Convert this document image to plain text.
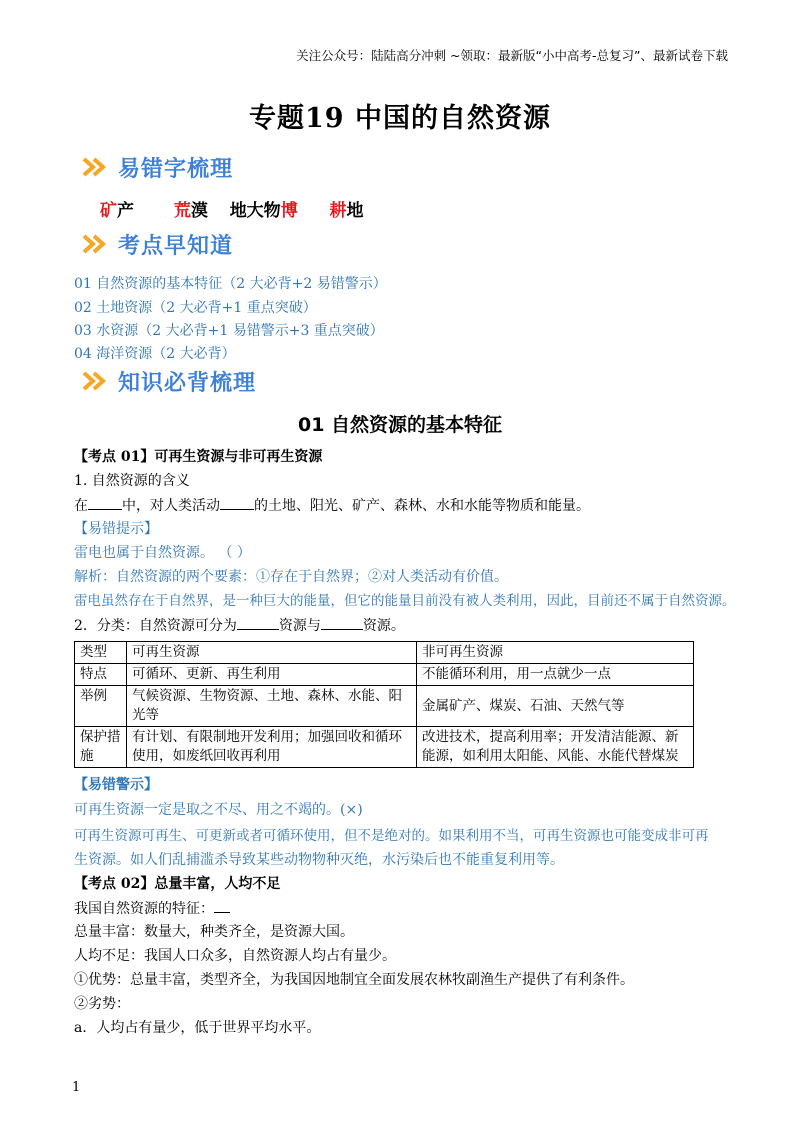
关注公众号：陆陆高分冲刺 ~领取：最新版“小中高考-总复习”、最新试卷下载
专题19 中国的自然资源
易错字梳理
矿产 荒漠 地大物博 耕地
考点早知道
01 自然资源的基本特征（2 大必背+2 易错警示）
02 土地资源（2 大必背+1 重点突破）
03 水资源（2 大必背+1 易错警示+3 重点突破）
04 海洋资源（2 大必背）
知识必背梳理
01 自然资源的基本特征
【考点 01】可再生资源与非可再生资源
1. 自然资源的含义
在 中，对人类活动 的土地、阳光、矿产、森林、水和水能等物质和能量。
【易错提示】
雷电也属于自然资源。 （ ）
解析：自然资源的两个要素：①存在于自然界；②对人类活动有价值。
雷电虽然存在于自然界，是一种巨大的能量，但它的能量目前没有被人类利用，因此，目前还不属于自然资源。
2．分类：自然资源可分为	资源与	资源。
类型	可再生资源	非可再生资源
特点	可循环、更新、再生利用	不能循环利用，用一点就少一点
举例	气候资源、生物资源、土地、森林、水能、阳光等	金属矿产、煤炭、石油、天然气等
保护措施	有计划、有限制地开发利用；加强回收和循环使用，如废纸回收再利用	改进技术，提高利用率；开发清洁能源、新能源，如利用太阳能、风能、水能代替煤炭
【易错警示】
可再生资源一定是取之不尽、用之不竭的。(×)
可再生资源可再生、可更新或者可循环使用，但不是绝对的。如果利用不当，可再生资源也可能变成非可再
生资源。如人们乱捕滥杀导致某些动物物种灭绝，水污染后也不能重复利用等。
【考点 02】总量丰富，人均不足
我国自然资源的特征：
总量丰富：数量大，种类齐全，是资源大国。
人均不足：我国人口众多，自然资源人均占有量少。
①优势：总量丰富，类型齐全，为我国因地制宜全面发展农林牧副渔生产提供了有利条件。
②劣势：
a．人均占有量少，低于世界平均水平。
1
